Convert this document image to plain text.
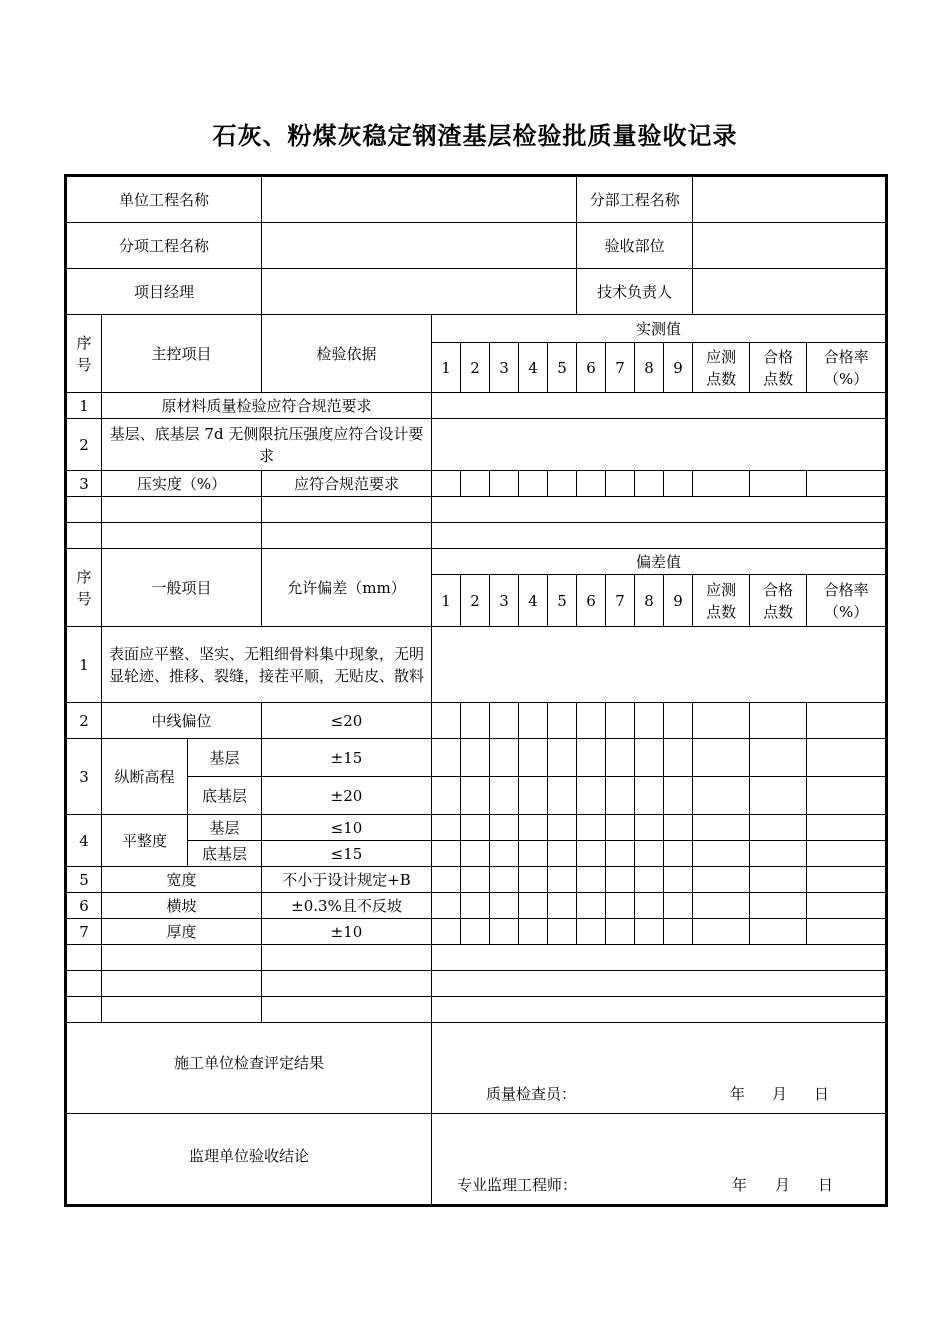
石灰、粉煤灰稳定钢渣基层检验批质量验收记录
单位工程名称									分部工程名称						
分项工程名称									验收部位						
项目经理									技术负责人						
序号	主控项目		检验依据	实测值											
				1	2	3	4	5	6	7	8	9	应测点数	合格点数	合格率（%）
1	原材料质量检验应符合规范要求														
2	基层、底基层 7d 无侧限抗压强度应符合设计要求														
3	压实度（%）		应符合规范要求												

序号	一般项目		允许偏差（mm）	偏差值											
				1	2	3	4	5	6	7	8	9	应测点数	合格点数	合格率（%）
1	表面应平整、坚实、无粗细骨料集中现象，无明显轮迹、推移、裂缝，接茬平顺，无贴皮、散料														
2	中线偏位		≤20												
3	纵断高程	基层	±15												
		底基层	±20												
4	平整度	基层	≤10												
		底基层	≤15												
5	宽度		不小于设计规定+B												
6	横坡		±0.3%且不反坡												
7	厚度		±10												

施工单位检查评定结果				质量检查员： 年 月 日											

监理单位验收结论				专业监理工程师： 年 月 日											
